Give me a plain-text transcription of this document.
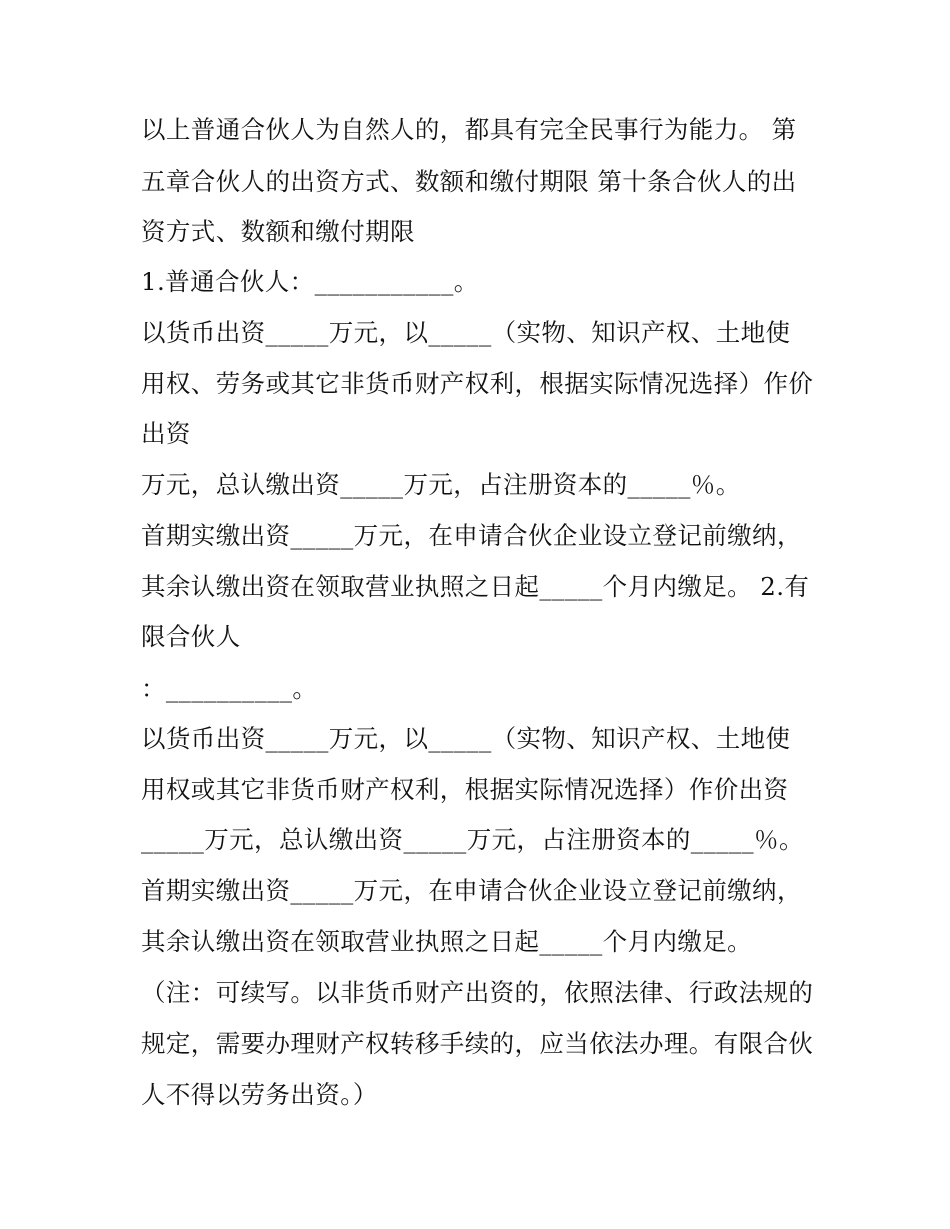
以上普通合伙人为自然人的，都具有完全民事行为能力。 第
五章合伙人的出资方式、数额和缴付期限 第十条合伙人的出
资方式、数额和缴付期限
1.普通合伙人：___________。
以货币出资_____万元，以_____（实物、知识产权、土地使
用权、劳务或其它非货币财产权利，根据实际情况选择）作价
出资
万元，总认缴出资_____万元，占注册资本的_____％。
首期实缴出资_____万元，在申请合伙企业设立登记前缴纳，
其余认缴出资在领取营业执照之日起_____个月内缴足。 2.有
限合伙人
：__________。
以货币出资_____万元，以_____（实物、知识产权、土地使
用权或其它非货币财产权利，根据实际情况选择）作价出资
_____万元，总认缴出资_____万元，占注册资本的_____％。
首期实缴出资_____万元，在申请合伙企业设立登记前缴纳，
其余认缴出资在领取营业执照之日起_____个月内缴足。
（注：可续写。以非货币财产出资的，依照法律、行政法规的
规定，需要办理财产权转移手续的，应当依法办理。有限合伙
人不得以劳务出资。）
